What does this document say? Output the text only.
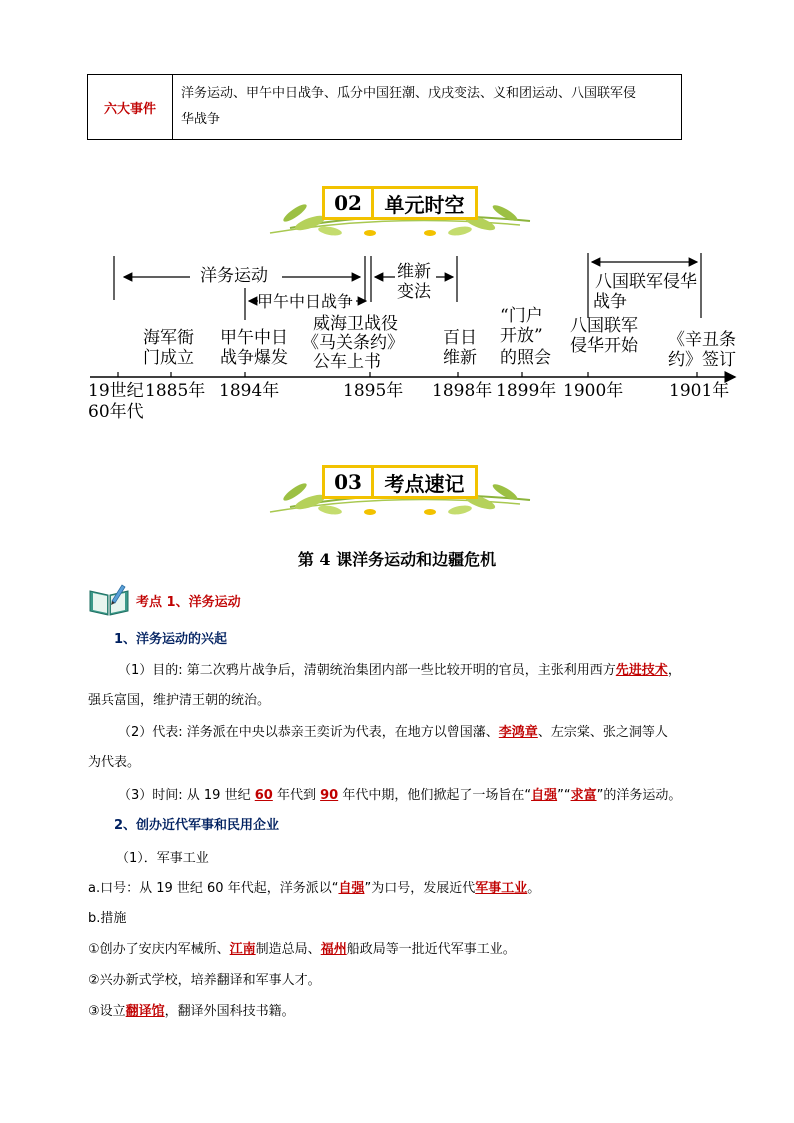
六大事件
洋务运动、甲午中日战争、瓜分中国狂潮、戊戌变法、义和团运动、八国联军侵
华战争
02	单元时空
洋务运动
甲午中日战争
维新
变法	八国联军侵华
战争
海军衙
门成立
甲午中日
战争爆发
威海卫战役
《马关条约》
公车上书
百日
维新
“门户
开放”
的照会
八国联军
侵华开始 《辛丑条
约》签订
19世纪
60年代
1885年 1894年	1895年 1898年 1899年 1900年	1901年
03	考点速记
第 4 课洋务运动和边疆危机
考点 1、洋务运动
1、洋务运动的兴起
（1）目的: 第二次鸦片战争后，清朝统治集团内部一些比较开明的官员，主张利用西方先进技术，
强兵富国，维护清王朝的统治。
（2）代表: 洋务派在中央以恭亲王奕䜣为代表，在地方以曾国藩、李鸿章、左宗棠、张之洞等人
为代表。
（3）时间: 从 19 世纪 60 年代到 90 年代中期，他们掀起了一场旨在“自强”“求富”的洋务运动。
2、创办近代军事和民用企业
（1）．军事工业
a.口号：从 19 世纪 60 年代起，洋务派以“自强”为口号，发展近代军事工业。
b.措施
①创办了安庆内军械所、江南制造总局、福州船政局等一批近代军事工业。
②兴办新式学校，培养翻译和军事人才。
③设立翻译馆，翻译外国科技书籍。
